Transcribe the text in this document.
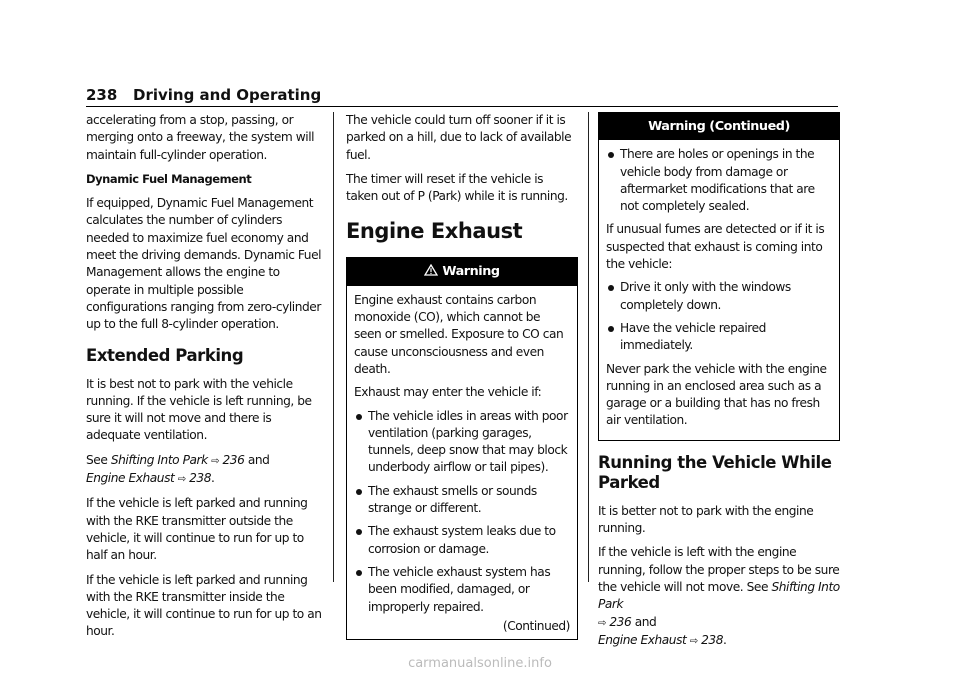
238 Driving and Operating

accelerating from a stop, passing, or merging onto a freeway, the system will maintain full-cylinder operation.

Dynamic Fuel Management

If equipped, Dynamic Fuel Management calculates the number of cylinders needed to maximize fuel economy and meet the driving demands. Dynamic Fuel Management allows the engine to operate in multiple possible configurations ranging from zero-cylinder up to the full 8-cylinder operation.

Extended Parking

It is best not to park with the vehicle running. If the vehicle is left running, be sure it will not move and there is adequate ventilation.

See Shifting Into Park ⇨ 236 and
Engine Exhaust ⇨ 238.

If the vehicle is left parked and running with the RKE transmitter outside the vehicle, it will continue to run for up to half an hour.

If the vehicle is left parked and running with the RKE transmitter inside the vehicle, it will continue to run for up to an hour.

The vehicle could turn off sooner if it is parked on a hill, due to lack of available fuel.

The timer will reset if the vehicle is taken out of P (Park) while it is running.

Engine Exhaust
Warning

Engine exhaust contains carbon monoxide (CO), which cannot be seen or smelled. Exposure to CO can cause unconsciousness and even death.

Exhaust may enter the vehicle if:

The vehicle idles in areas with poor ventilation (parking garages, tunnels, deep snow that may block underbody airflow or tail pipes).
The exhaust smells or sounds strange or different.
The exhaust system leaks due to corrosion or damage.
The vehicle exhaust system has been modified, damaged, or improperly repaired.
(Continued)
Warning (Continued)
There are holes or openings in the vehicle body from damage or aftermarket modifications that are not completely sealed.

If unusual fumes are detected or if it is suspected that exhaust is coming into the vehicle:

Drive it only with the windows completely down.
Have the vehicle repaired immediately.

Never park the vehicle with the engine running in an enclosed area such as a garage or a building that has no fresh air ventilation.

Running the Vehicle While Parked

It is better not to park with the engine running.

If the vehicle is left with the engine running, follow the proper steps to be sure the vehicle will not move. See Shifting Into Park
⇨ 236 and
Engine Exhaust ⇨ 238.

carmanualsonline.info
